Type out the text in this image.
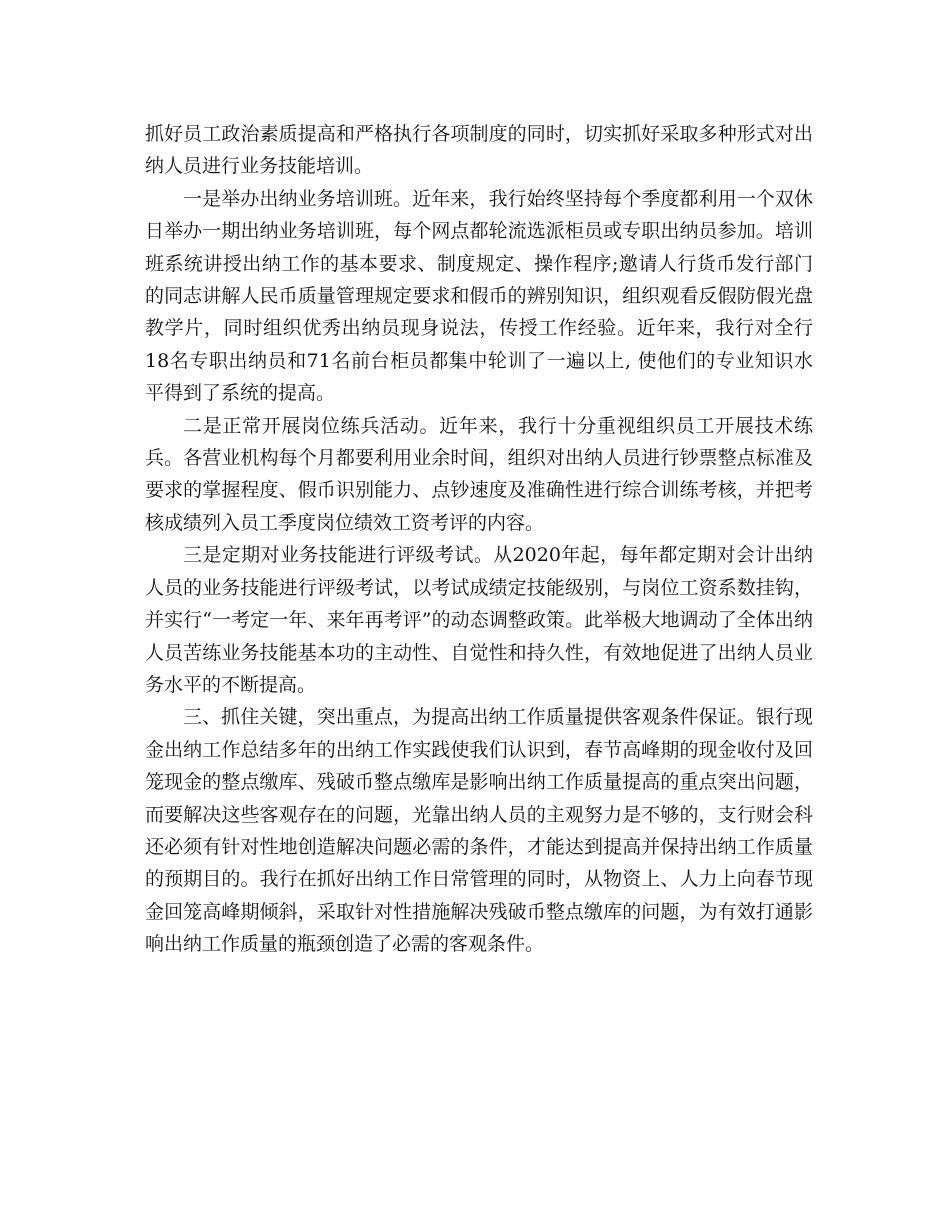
抓好员工政治素质提高和严格执行各项制度的同时，切实抓好采取多种形式对出纳人员进行业务技能培训。

一是举办出纳业务培训班。近年来，我行始终坚持每个季度都利用一个双休日举办一期出纳业务培训班，每个网点都轮流选派柜员或专职出纳员参加。培训班系统讲授出纳工作的基本要求、制度规定、操作程序;邀请人行货币发行部门的同志讲解人民币质量管理规定要求和假币的辨别知识，组织观看反假防假光盘教学片，同时组织优秀出纳员现身说法，传授工作经验。近年来，我行对全行18名专职出纳员和71名前台柜员都集中轮训了一遍以上, 使他们的专业知识水平得到了系统的提高。

二是正常开展岗位练兵活动。近年来，我行十分重视组织员工开展技术练兵。各营业机构每个月都要利用业余时间，组织对出纳人员进行钞票整点标准及要求的掌握程度、假币识别能力、点钞速度及准确性进行综合训练考核，并把考核成绩列入员工季度岗位绩效工资考评的内容。

三是定期对业务技能进行评级考试。从2020年起，每年都定期对会计出纳人员的业务技能进行评级考试，以考试成绩定技能级别，与岗位工资系数挂钩，并实行“一考定一年、来年再考评”的动态调整政策。此举极大地调动了全体出纳人员苦练业务技能基本功的主动性、自觉性和持久性，有效地促进了出纳人员业务水平的不断提高。

三、抓住关键，突出重点，为提高出纳工作质量提供客观条件保证。银行现金出纳工作总结多年的出纳工作实践使我们认识到，春节高峰期的现金收付及回笼现金的整点缴库、残破币整点缴库是影响出纳工作质量提高的重点突出问题，而要解决这些客观存在的问题，光靠出纳人员的主观努力是不够的，支行财会科还必须有针对性地创造解决问题必需的条件，才能达到提高并保持出纳工作质量的预期目的。我行在抓好出纳工作日常管理的同时，从物资上、人力上向春节现金回笼高峰期倾斜，采取针对性措施解决残破币整点缴库的问题，为有效打通影响出纳工作质量的瓶颈创造了必需的客观条件。
